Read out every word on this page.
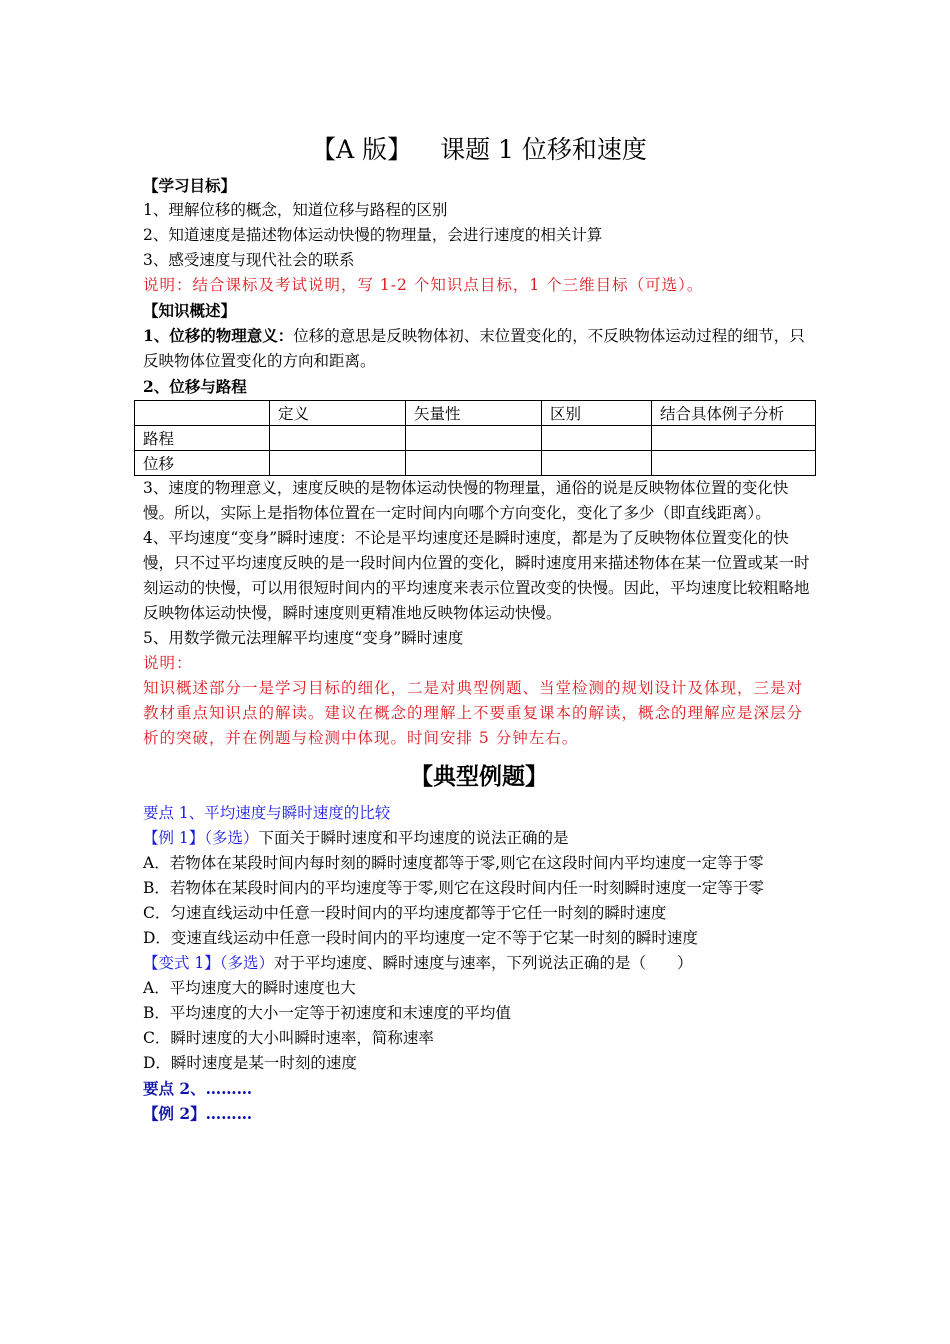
【A 版】 课题 1 位移和速度

【学习目标】

1、理解位移的概念，知道位移与路程的区别

2、知道速度是描述物体运动快慢的物理量，会进行速度的相关计算

3、感受速度与现代社会的联系

说明：结合课标及考试说明，写 1-2 个知识点目标，1 个三维目标（可选）。

【知识概述】

1、位移的物理意义：位移的意思是反映物体初、末位置变化的，不反映物体运动过程的细节，只反映物体位置变化的方向和距离。

2、位移与路程

	定义	矢量性	区别	结合具体例子分析
路程				
位移				

3、速度的物理意义，速度反映的是物体运动快慢的物理量，通俗的说是反映物体位置的变化快慢。所以，实际上是指物体位置在一定时间内向哪个方向变化，变化了多少（即直线距离）。

4、平均速度“变身”瞬时速度：不论是平均速度还是瞬时速度，都是为了反映物体位置变化的快慢，只不过平均速度反映的是一段时间内位置的变化，瞬时速度用来描述物体在某一位置或某一时刻运动的快慢，可以用很短时间内的平均速度来表示位置改变的快慢。因此，平均速度比较粗略地反映物体运动快慢，瞬时速度则更精准地反映物体运动快慢。

5、用数学微元法理解平均速度“变身”瞬时速度

说明：

知识概述部分一是学习目标的细化，二是对典型例题、当堂检测的规划设计及体现，三是对教材重点知识点的解读。建议在概念的理解上不要重复课本的解读，概念的理解应是深层分析的突破，并在例题与检测中体现。时间安排 5 分钟左右。

【典型例题】

要点 1、平均速度与瞬时速度的比较

【例 1】（多选）下面关于瞬时速度和平均速度的说法正确的是

A．若物体在某段时间内每时刻的瞬时速度都等于零,则它在这段时间内平均速度一定等于零

B．若物体在某段时间内的平均速度等于零,则它在这段时间内任一时刻瞬时速度一定等于零

C．匀速直线运动中任意一段时间内的平均速度都等于它任一时刻的瞬时速度

D．变速直线运动中任意一段时间内的平均速度一定不等于它某一时刻的瞬时速度

【变式 1】（多选）对于平均速度、瞬时速度与速率，下列说法正确的是（　　）

A．平均速度大的瞬时速度也大

B．平均速度的大小一定等于初速度和末速度的平均值

C．瞬时速度的大小叫瞬时速率，简称速率

D．瞬时速度是某一时刻的速度

要点 2、………

【例 2】………
